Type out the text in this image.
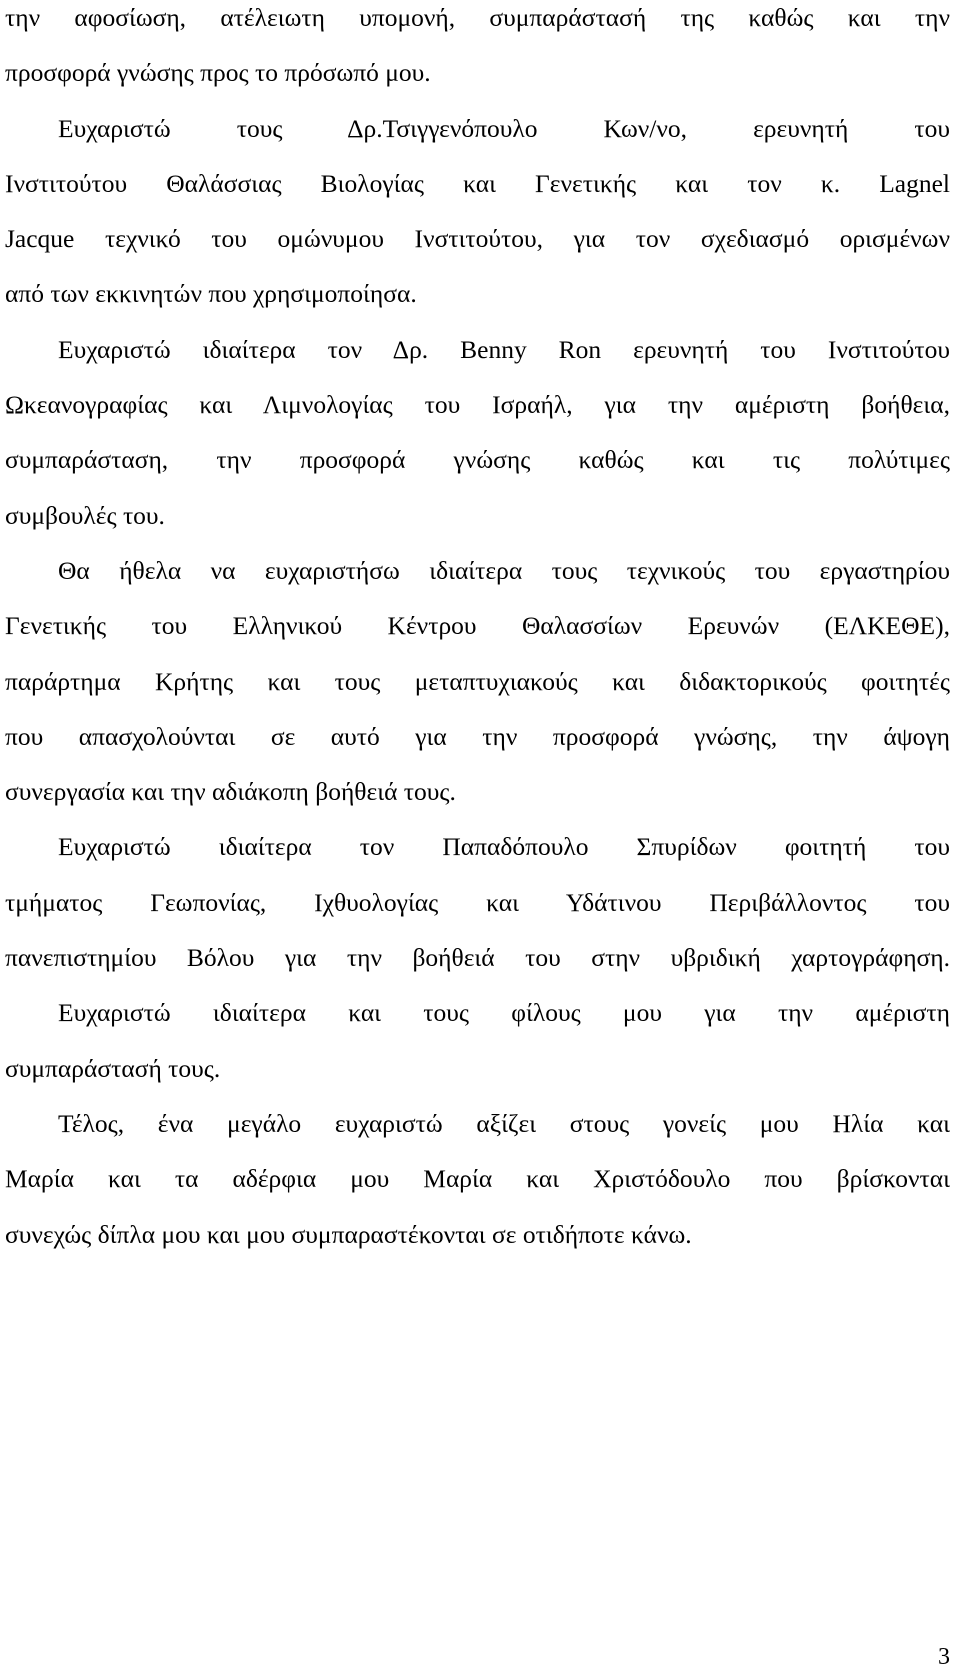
την αφοσίωση, ατέλειωτη υπομονή, συμπαράστασή της καθώς και την
προσφορά γνώσης προς το πρόσωπό μου.
Ευχαριστώ τους Δρ.Τσιγγενόπουλο Κων/νο, ερευνητή του
Ινστιτούτου Θαλάσσιας Βιολογίας και Γενετικής και τον κ. Lagnel
Jacque τεχνικό του ομώνυμου Ινστιτούτου, για τον σχεδιασμό ορισμένων
από των εκκινητών που χρησιμοποίησα.
Ευχαριστώ ιδιαίτερα τον Δρ. Benny Ron ερευνητή του Ινστιτούτου
Ωκεανογραφίας και Λιμνολογίας του Ισραήλ, για την αμέριστη βοήθεια,
συμπαράσταση, την προσφορά γνώσης καθώς και τις πολύτιμες
συμβουλές του.
Θα ήθελα να ευχαριστήσω ιδιαίτερα τους τεχνικούς του εργαστηρίου
Γενετικής του Ελληνικού Κέντρου Θαλασσίων Ερευνών (ΕΛΚΕΘΕ),
παράρτημα Κρήτης και τους μεταπτυχιακούς και διδακτορικούς φοιτητές
που απασχολούνται σε αυτό για την προσφορά γνώσης, την άψογη
συνεργασία και την αδιάκοπη βοήθειά τους.
Ευχαριστώ ιδιαίτερα τον Παπαδόπουλο Σπυρίδων φοιτητή του
τμήματος Γεωπονίας, Ιχθυολογίας και Υδάτινου Περιβάλλοντος του
πανεπιστημίου Βόλου για την βοήθειά του στην υβριδική χαρτογράφηση.
Ευχαριστώ ιδιαίτερα και τους φίλους μου για την αμέριστη
συμπαράστασή τους.
Τέλος, ένα μεγάλο ευχαριστώ αξίζει στους γονείς μου Ηλία και
Μαρία και τα αδέρφια μου Μαρία και Χριστόδουλο που βρίσκονται
συνεχώς δίπλα μου και μου συμπαραστέκονται σε οτιδήποτε κάνω.
3
